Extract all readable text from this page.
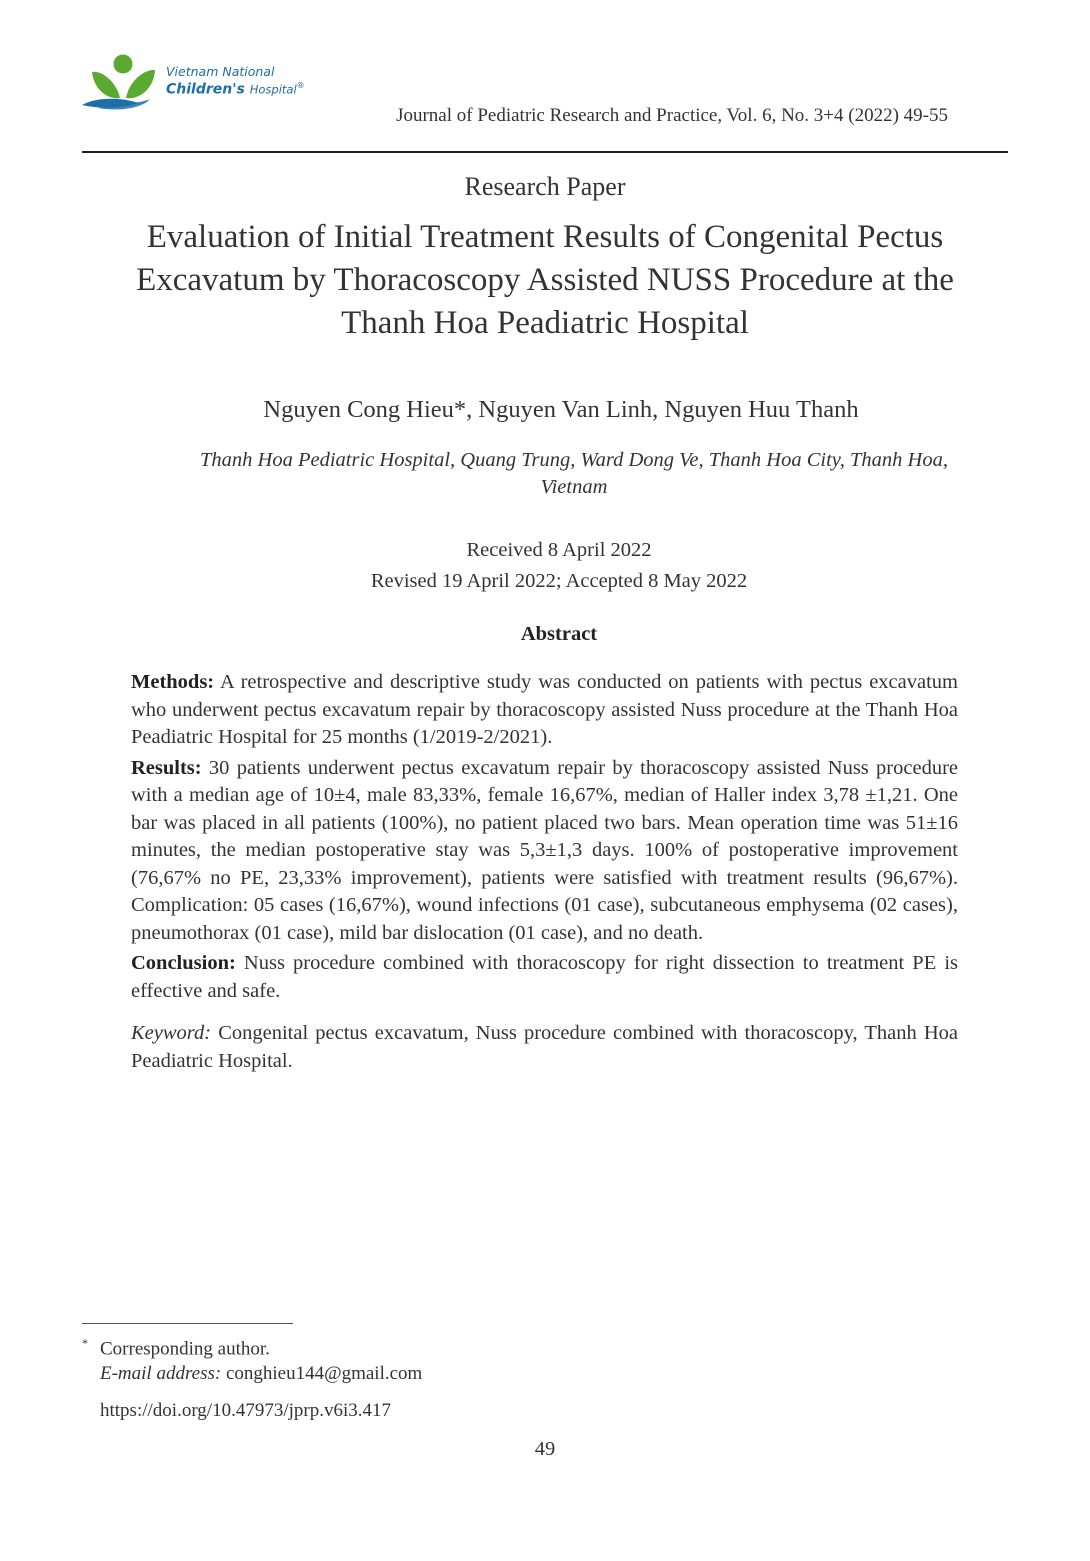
Vietnam National
Children's Hospital®
Journal of Pediatric Research and Practice, Vol. 6, No. 3+4 (2022) 49-55
Research Paper
Evaluation of Initial Treatment Results of Congenital Pectus Excavatum by Thoracoscopy Assisted NUSS Procedure at the Thanh Hoa Peadiatric Hospital
Nguyen Cong Hieu*, Nguyen Van Linh, Nguyen Huu Thanh
Thanh Hoa Pediatric Hospital, Quang Trung, Ward Dong Ve, Thanh Hoa City, Thanh Hoa, Vietnam
Received 8 April 2022
Revised 19 April 2022; Accepted 8 May 2022
Abstract

Methods: A retrospective and descriptive study was conducted on patients with pectus excavatum who underwent pectus excavatum repair by thoracoscopy assisted Nuss procedure at the Thanh Hoa Peadiatric Hospital for 25 months (1/2019-2/2021).

Results: 30 patients underwent pectus excavatum repair by thoracoscopy assisted Nuss procedure with a median age of 10±4, male 83,33%, female 16,67%, median of Haller index 3,78 ±1,21. One bar was placed in all patients (100%), no patient placed two bars. Mean operation time was 51±16 minutes, the median postoperative stay was 5,3±1,3 days. 100% of postoperative improvement (76,67% no PE, 23,33% improvement), patients were satisfied with treatment results (96,67%). Complication: 05 cases (16,67%), wound infections (01 case), subcutaneous emphysema (02 cases), pneumothorax (01 case), mild bar dislocation (01 case), and no death.

Conclusion: Nuss procedure combined with thoracoscopy for right dissection to treatment PE is effective and safe.

Keyword: Congenital pectus excavatum, Nuss procedure combined with thoracoscopy, Thanh Hoa Peadiatric Hospital.

* Corresponding author.
E-mail address: conghieu144@gmail.com
https://doi.org/10.47973/jprp.v6i3.417
49
